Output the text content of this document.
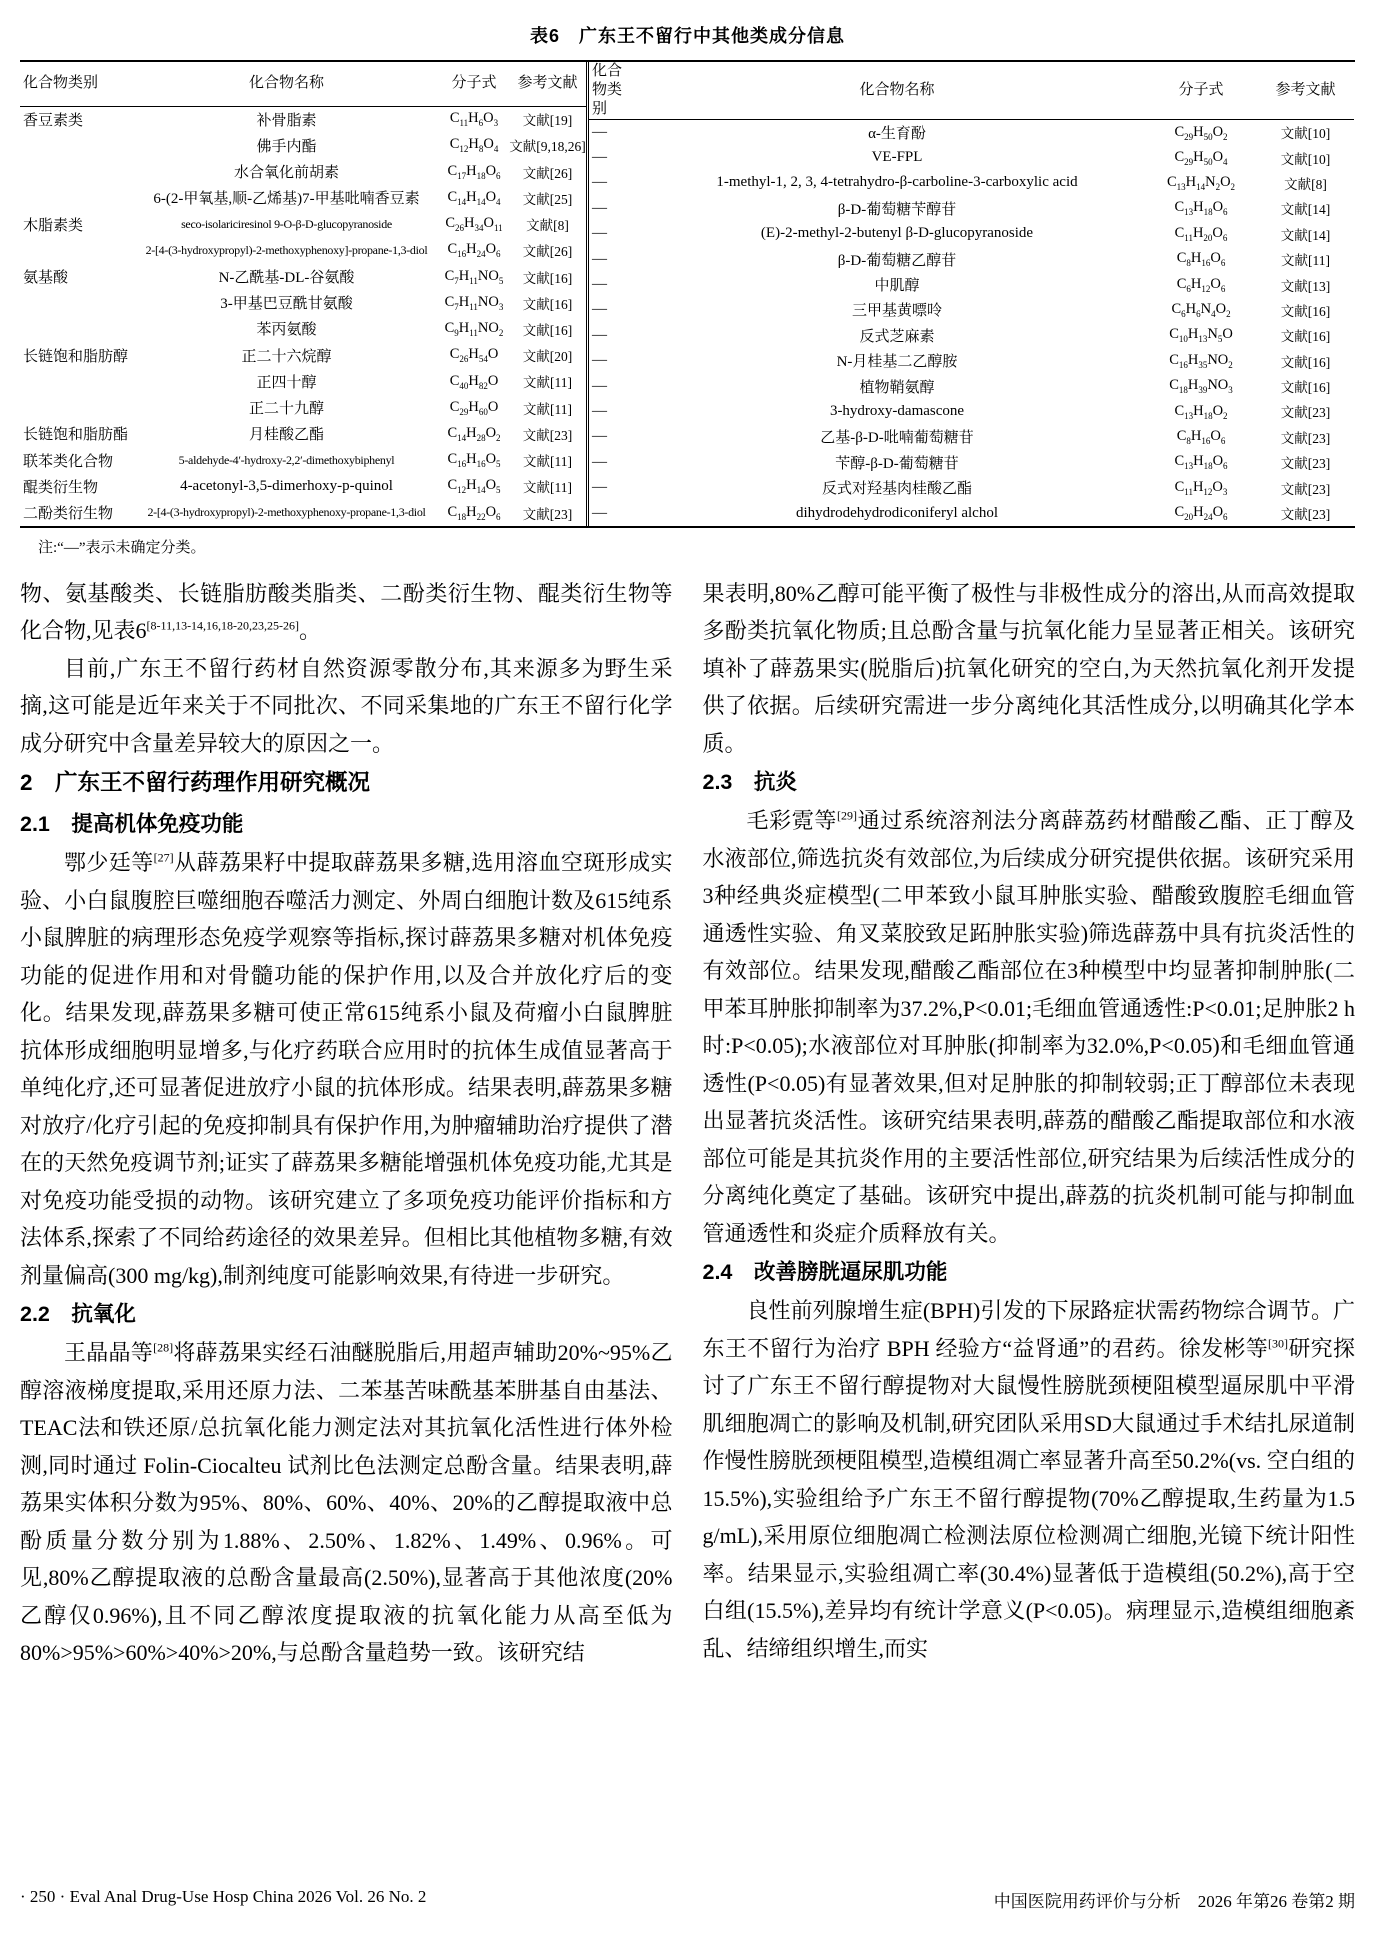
表6　广东王不留行中其他类成分信息
化合物类别	化合物名称	分子式	参考文献
香豆素类	补骨脂素	$C_{11}H_6O_3$	文献[19]
	佛手内酯	$C_{12}H_8O_4$	文献[9,18,26]
	水合氧化前胡素	$C_{17}H_{18}O_6$	文献[26]
	6-(2-甲氧基,顺-乙烯基)7-甲基吡喃香豆素	$C_{14}H_{14}O_4$	文献[25]
木脂素类	seco-isolariciresinol 9-O-β-D-glucopyranoside	$C_{26}H_{34}O_{11}$	文献[8]
	2-[4-(3-hydroxypropyl)-2-methoxyphenoxy]-propane-1,3-diol	$C_{16}H_{24}O_6$	文献[26]
氨基酸	N-乙酰基-DL-谷氨酸	$C_7H_{11}NO_5$	文献[16]
	3-甲基巴豆酰甘氨酸	$C_7H_{11}NO_3$	文献[16]
	苯丙氨酸	$C_9H_{11}NO_2$	文献[16]
长链饱和脂肪醇	正二十六烷醇	$C_{26}H_{54}O$	文献[20]
	正四十醇	$C_{40}H_{82}O$	文献[11]
	正二十九醇	$C_{29}H_{60}O$	文献[11]
长链饱和脂肪酯	月桂酸乙酯	$C_{14}H_{28}O_2$	文献[23]
联苯类化合物	5-aldehyde-4′-hydroxy-2,2′-dimethoxybiphenyl	$C_{16}H_{16}O_5$	文献[11]
醌类衍生物	4-acetonyl-3,5-dimerhoxy-p-quinol	$C_{12}H_{14}O_5$	文献[11]
二酚类衍生物	2-[4-(3-hydroxypropyl)-2-methoxyphenoxy-propane-1,3-diol	$C_{18}H_{22}O_6$	文献[23]
化合物类别	化合物名称	分子式	参考文献
—	α-生育酚	$C_{29}H_{50}O_2$	文献[10]
—	VE-FPL	$C_{29}H_{50}O_4$	文献[10]
—	1-methyl-1, 2, 3, 4-tetrahydro-β-carboline-3-carboxylic acid	$C_{13}H_{14}N_2O_2$	文献[8]
—	β-D-葡萄糖苄醇苷	$C_{13}H_{18}O_6$	文献[14]
—	(E)-2-methyl-2-butenyl β-D-glucopyranoside	$C_{11}H_{20}O_6$	文献[14]
—	β-D-葡萄糖乙醇苷	$C_8H_{16}O_6$	文献[11]
—	中肌醇	$C_6H_{12}O_6$	文献[13]
—	三甲基黄嘌呤	$C_6H_6N_4O_2$	文献[16]
—	反式芝麻素	$C_{10}H_{13}N_5O$	文献[16]
—	N-月桂基二乙醇胺	$C_{16}H_{35}NO_2$	文献[16]
—	植物鞘氨醇	$C_{18}H_{39}NO_3$	文献[16]
—	3-hydroxy-damascone	$C_{13}H_{18}O_2$	文献[23]
—	乙基-β-D-吡喃葡萄糖苷	$C_8H_{16}O_6$	文献[23]
—	苄醇-β-D-葡萄糖苷	$C_{13}H_{18}O_6$	文献[23]
—	反式对羟基肉桂酸乙酯	$C_{11}H_{12}O_3$	文献[23]
—	dihydrodehydrodiconiferyl alchol	$C_{20}H_{24}O_6$	文献[23]
注:“—”表示未确定分类。

物、氨基酸类、长链脂肪酸类脂类、二酚类衍生物、醌类衍生物等化合物,见表6[8-11,13-14,16,18-20,23,25-26]。

目前,广东王不留行药材自然资源零散分布,其来源多为野生采摘,这可能是近年来关于不同批次、不同采集地的广东王不留行化学成分研究中含量差异较大的原因之一。

2　广东王不留行药理作用研究概况
2.1　提高机体免疫功能

鄂少廷等[27]从薜荔果籽中提取薜荔果多糖,选用溶血空斑形成实验、小白鼠腹腔巨噬细胞吞噬活力测定、外周白细胞计数及615纯系小鼠脾脏的病理形态免疫学观察等指标,探讨薜荔果多糖对机体免疫功能的促进作用和对骨髓功能的保护作用,以及合并放化疗后的变化。结果发现,薜荔果多糖可使正常615纯系小鼠及荷瘤小白鼠脾脏抗体形成细胞明显增多,与化疗药联合应用时的抗体生成值显著高于单纯化疗,还可显著促进放疗小鼠的抗体形成。结果表明,薜荔果多糖对放疗/化疗引起的免疫抑制具有保护作用,为肿瘤辅助治疗提供了潜在的天然免疫调节剂;证实了薜荔果多糖能增强机体免疫功能,尤其是对免疫功能受损的动物。该研究建立了多项免疫功能评价指标和方法体系,探索了不同给药途径的效果差异。但相比其他植物多糖,有效剂量偏高(300 mg/kg),制剂纯度可能影响效果,有待进一步研究。

2.2　抗氧化

王晶晶等[28]将薜荔果实经石油醚脱脂后,用超声辅助20%~95%乙醇溶液梯度提取,采用还原力法、二苯基苦味酰基苯肼基自由基法、TEAC法和铁还原/总抗氧化能力测定法对其抗氧化活性进行体外检测,同时通过 Folin-Ciocalteu 试剂比色法测定总酚含量。结果表明,薜荔果实体积分数为95%、80%、60%、40%、20%的乙醇提取液中总酚质量分数分别为1.88%、2.50%、1.82%、1.49%、0.96%。可见,80%乙醇提取液的总酚含量最高(2.50%),显著高于其他浓度(20%乙醇仅0.96%),且不同乙醇浓度提取液的抗氧化能力从高至低为80%>95%>60%>40%>20%,与总酚含量趋势一致。该研究结

果表明,80%乙醇可能平衡了极性与非极性成分的溶出,从而高效提取多酚类抗氧化物质;且总酚含量与抗氧化能力呈显著正相关。该研究填补了薜荔果实(脱脂后)抗氧化研究的空白,为天然抗氧化剂开发提供了依据。后续研究需进一步分离纯化其活性成分,以明确其化学本质。

2.3　抗炎

毛彩霓等[29]通过系统溶剂法分离薜荔药材醋酸乙酯、正丁醇及水液部位,筛选抗炎有效部位,为后续成分研究提供依据。该研究采用3种经典炎症模型(二甲苯致小鼠耳肿胀实验、醋酸致腹腔毛细血管通透性实验、角叉菜胶致足跖肿胀实验)筛选薜荔中具有抗炎活性的有效部位。结果发现,醋酸乙酯部位在3种模型中均显著抑制肿胀(二甲苯耳肿胀抑制率为37.2%,P<0.01;毛细血管通透性:P<0.01;足肿胀2 h时:P<0.05);水液部位对耳肿胀(抑制率为32.0%,P<0.05)和毛细血管通透性(P<0.05)有显著效果,但对足肿胀的抑制较弱;正丁醇部位未表现出显著抗炎活性。该研究结果表明,薜荔的醋酸乙酯提取部位和水液部位可能是其抗炎作用的主要活性部位,研究结果为后续活性成分的分离纯化奠定了基础。该研究中提出,薜荔的抗炎机制可能与抑制血管通透性和炎症介质释放有关。

2.4　改善膀胱逼尿肌功能

良性前列腺增生症(BPH)引发的下尿路症状需药物综合调节。广东王不留行为治疗 BPH 经验方“益肾通”的君药。徐发彬等[30]研究探讨了广东王不留行醇提物对大鼠慢性膀胱颈梗阻模型逼尿肌中平滑肌细胞凋亡的影响及机制,研究团队采用SD大鼠通过手术结扎尿道制作慢性膀胱颈梗阻模型,造模组凋亡率显著升高至50.2%(vs. 空白组的15.5%),实验组给予广东王不留行醇提物(70%乙醇提取,生药量为1.5 g/mL),采用原位细胞凋亡检测法原位检测凋亡细胞,光镜下统计阳性率。结果显示,实验组凋亡率(30.4%)显著低于造模组(50.2%),高于空白组(15.5%),差异均有统计学意义(P<0.05)。病理显示,造模组细胞紊乱、结缔组织增生,而实

· 250 · Eval Anal Drug-Use Hosp China 2026 Vol. 26 No. 2	中国医院用药评价与分析　2026 年第26 卷第2 期
